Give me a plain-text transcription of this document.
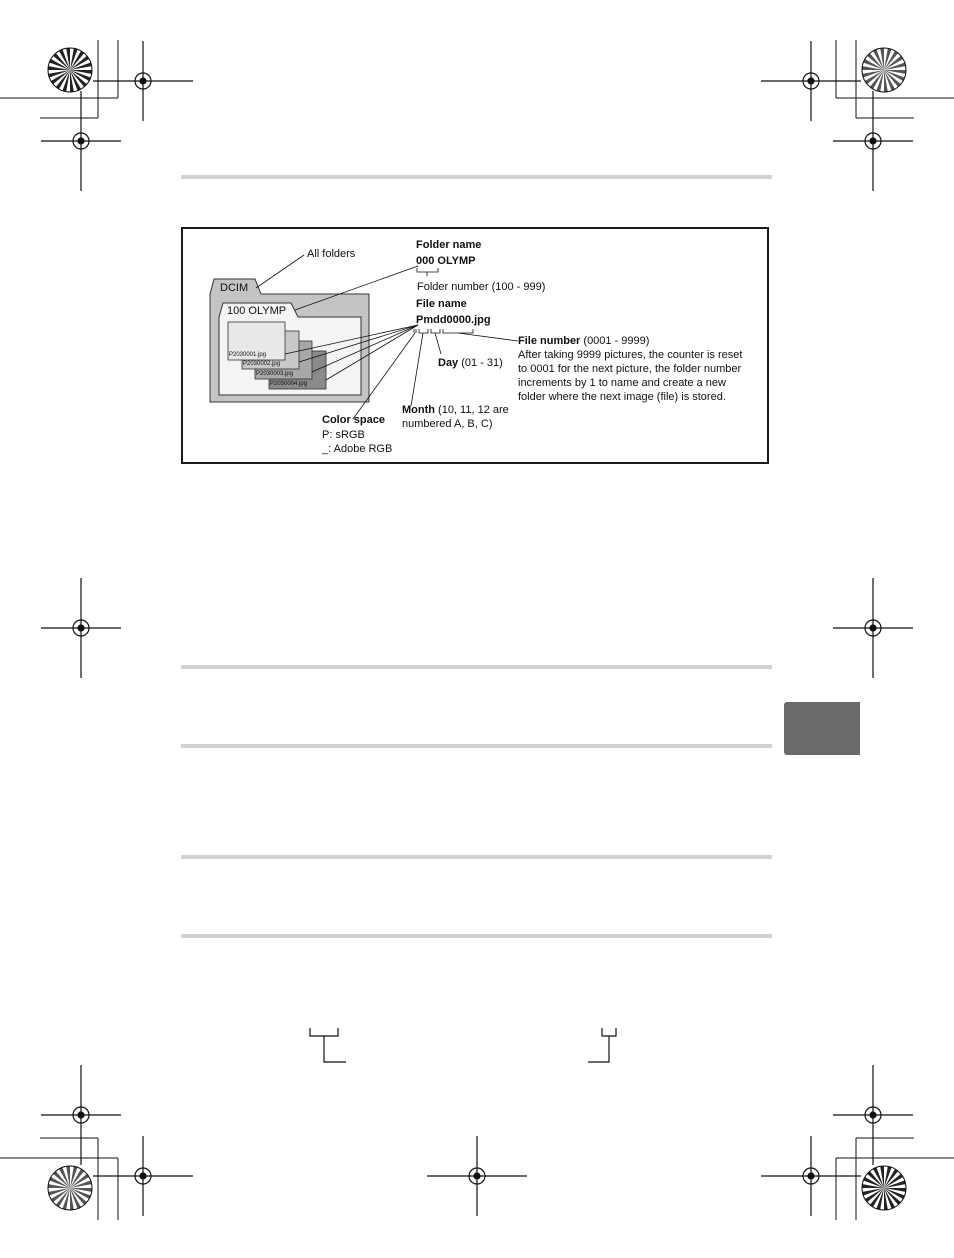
DCIM
100 OLYMP
P2030001.jpg
P2030002.jpg
P2030003.jpg
P2030004.jpg
All folders
Folder name
000 OLYMP
Folder number (100 - 999)
File name
Pmdd0000.jpg
File number (0001 - 9999)
After taking 9999 pictures, the counter is reset
to 0001 for the next picture, the folder number
increments by 1 to name and create a new
folder where the next image (file) is stored.
Day (01 - 31)
Month (10, 11, 12 are
numbered A, B, C)
Color space
P: sRGB
_: Adobe RGB
